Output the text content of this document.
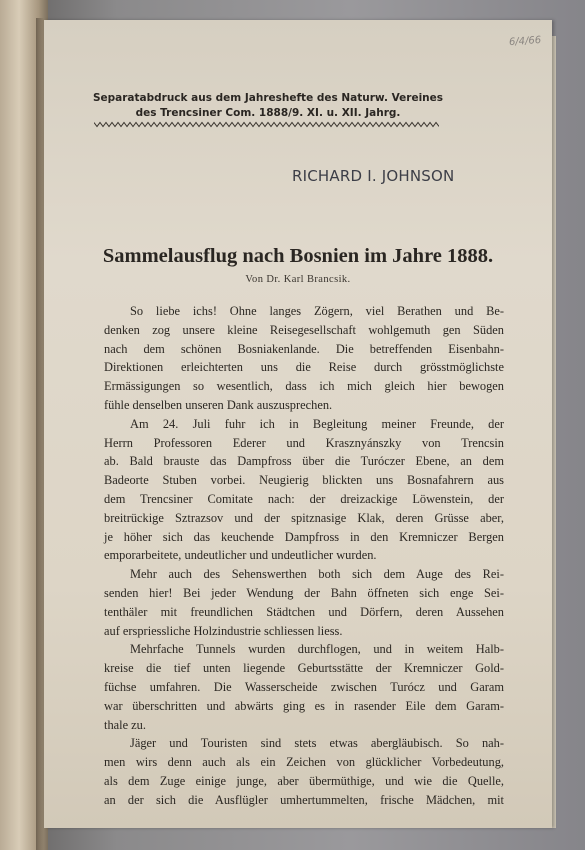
6/4/66

Separatabdruck aus dem Jahreshefte des Naturw. Vereines
des Trencsiner Com. 1888/9. XI. u. XII. Jahrg.

RICHARD I. JOHNSON

Sammelausflug nach Bosnien im Jahre 1888.

Von Dr. Karl Brancsik.

So liebe ichs! Ohne langes Zögern, viel Berathen und Be-
denken zog unsere kleine Reisegesellschaft wohlgemuth gen Süden
nach dem schönen Bosniakenlande. Die betreffenden Eisenbahn-
Direktionen erleichterten uns die Reise durch grösstmöglichste
Ermässigungen so wesentlich, dass ich mich gleich hier bewogen
fühle denselben unseren Dank auszusprechen.
Am 24. Juli fuhr ich in Begleitung meiner Freunde, der
Herrn Professoren Ederer und Krasznyánszky von Trencsin
ab. Bald brauste das Dampfross über die Turóczer Ebene, an dem
Badeorte Stuben vorbei. Neugierig blickten uns Bosnafahrern aus
dem Trencsiner Comitate nach: der dreizackige Löwenstein, der
breitrückige Sztrazsov und der spitznasige Klak, deren Grüsse aber,
je höher sich das keuchende Dampfross in den Kremniczer Bergen
emporarbeitete, undeutlicher und undeutlicher wurden.
Mehr auch des Sehenswerthen both sich dem Auge des Rei-
senden hier! Bei jeder Wendung der Bahn öffneten sich enge Sei-
tenthäler mit freundlichen Städtchen und Dörfern, deren Aussehen
auf erspriessliche Holzindustrie schliessen liess.
Mehrfache Tunnels wurden durchflogen, und in weitem Halb-
kreise die tief unten liegende Geburtsstätte der Kremniczer Gold-
füchse umfahren. Die Wasserscheide zwischen Turócz und Garam
war überschritten und abwärts ging es in rasender Eile dem Garam-
thale zu.
Jäger und Touristen sind stets etwas abergläubisch. So nah-
men wirs denn auch als ein Zeichen von glücklicher Vorbedeutung,
als dem Zuge einige junge, aber übermüthige, und wie die Quelle,
an der sich die Ausflügler umhertummelten, frische Mädchen, mit
